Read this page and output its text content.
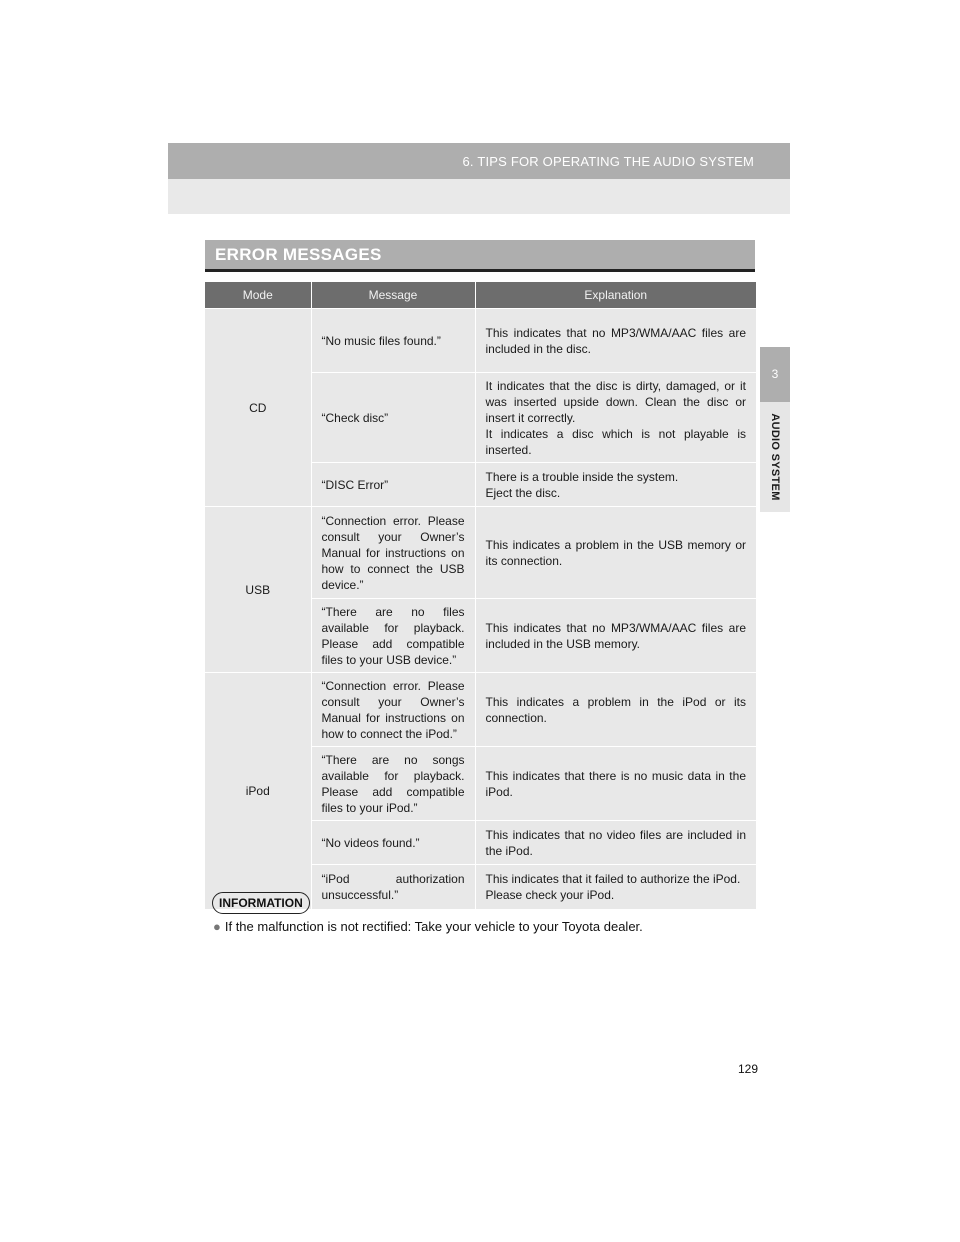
6. TIPS FOR OPERATING THE AUDIO SYSTEM
3
AUDIO SYSTEM
ERROR MESSAGES
Mode	Message	Explanation
CD	“No music files found.”	This indicates that no MP3/WMA/AAC files are included in the disc.
	“Check disc”	It indicates that the disc is dirty, damaged, or it was inserted upside down. Clean the disc or insert it correctly.
It indicates a disc which is not playable is inserted.
	“DISC Error”	There is a trouble inside the system.
Eject the disc.
USB	“Connection error. Please consult your Owner’s Manual for instructions on how to connect the USB device.”	This indicates a problem in the USB memory or its connection.
	“There are no files available for playback. Please add compatible files to your USB device.”	This indicates that no MP3/WMA/AAC files are included in the USB memory.
iPod	“Connection error. Please consult your Owner’s Manual for instructions on how to connect the iPod.”	This indicates a problem in the iPod or its connection.
	“There are no songs available for playback. Please add compatible files to your iPod.”	This indicates that there is no music data in the iPod.
	“No videos found.”	This indicates that no video files are included in the iPod.
	“iPod authorization unsuccessful.”	This indicates that it failed to authorize the iPod.
Please check your iPod.
INFORMATION
● If the malfunction is not rectified: Take your vehicle to your Toyota dealer.
129
